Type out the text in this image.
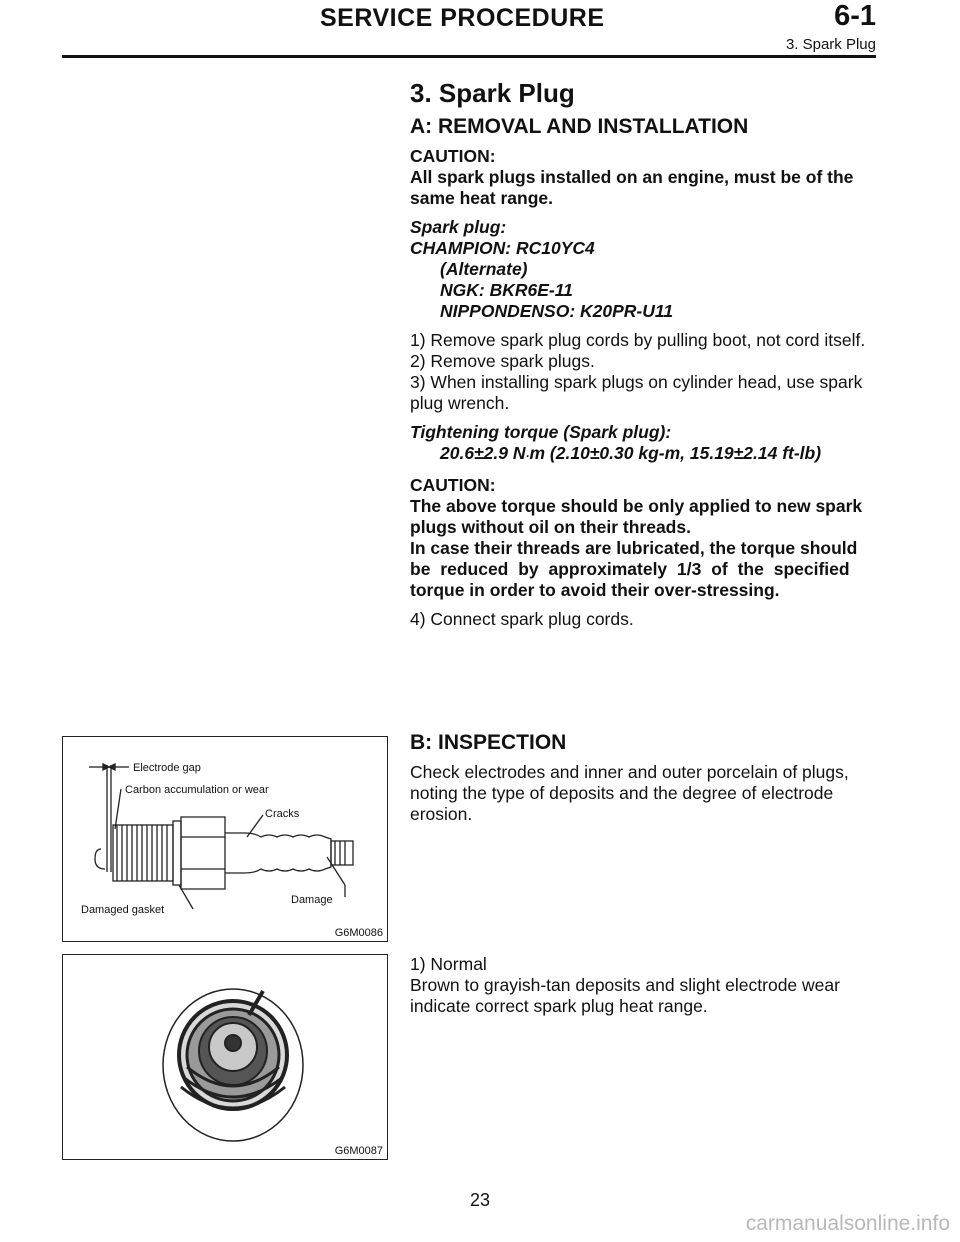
SERVICE PROCEDURE	6-1
3. Spark Plug

3. Spark Plug

A: REMOVAL AND INSTALLATION

CAUTION:

All spark plugs installed on an engine, must be of the

same heat range.

Spark plug:

CHAMPION: RC10YC4

(Alternate)

NGK: BKR6E-11

NIPPONDENSO: K20PR-U11

1) Remove spark plug cords by pulling boot, not cord itself.

2) Remove spark plugs.

3) When installing spark plugs on cylinder head, use spark

plug wrench.

Tightening torque (Spark plug):

20.6±2.9 N·m (2.10±0.30 kg-m, 15.19±2.14 ft-lb)

CAUTION:

The above torque should be only applied to new spark

plugs without oil on their threads.

In case their threads are lubricated, the torque should

be reduced by approximately 1/3 of the specified

torque in order to avoid their over-stressing.

4) Connect spark plug cords.

B: INSPECTION

Check electrodes and inner and outer porcelain of plugs,

noting the type of deposits and the degree of electrode

erosion.

1) Normal

Brown to grayish-tan deposits and slight electrode wear

indicate correct spark plug heat range.

Electrode gap
Carbon accumulation or wear
Cracks
Damage
Damaged gasket
G6M0086
G6M0087
23
carmanualsonline.info
